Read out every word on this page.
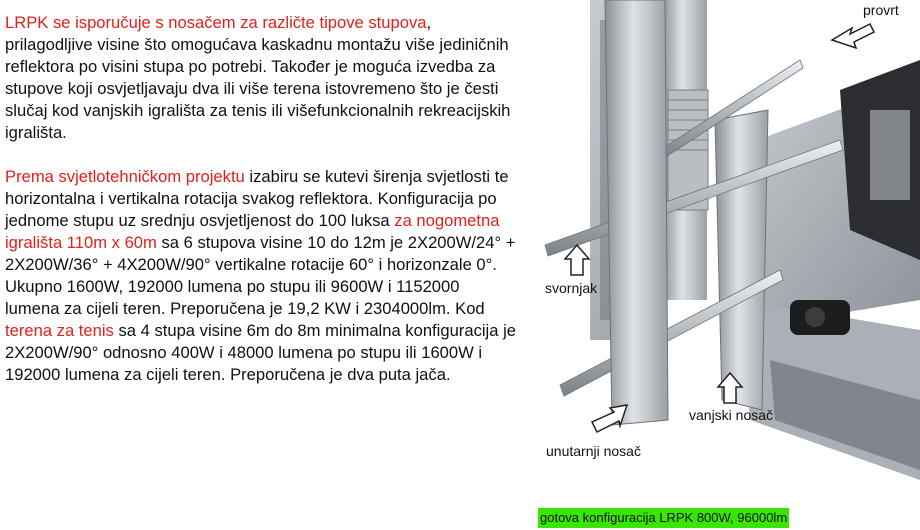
LRPK se isporučuje s nosačem za različte tipove stupova, prilagodljive visine što omogućava kaskadnu montažu više jediničnih reflektora po visini stupa po potrebi. Također je moguća izvedba za stupove koji osvjetljavaju dva ili više terena istovremeno što je česti slučaj kod vanjskih igrališta za tenis ili višefunkcionalnih rekreacijskih igrališta.

Prema svjetlotehničkom projektu izabiru se kutevi širenja svjetlosti te horizontalna i vertikalna rotacija svakog reflektora. Konfiguracija po jednome stupu uz srednju osvjetljenost do 100 luksa za nogometna igrališta 110m x 60m sa 6 stupova visine 10 do 12m je 2X200W/24° + 2X200W/36° + 4X200W/90° vertikalne rotacije 60° i horizonzale 0°. Ukupno 1600W, 192000 lumena po stupu ili 9600W i 1152000 lumena za cijeli teren. Preporučena je 19,2 KW i 2304000lm. Kod terena za tenis sa 4 stupa visine 6m do 8m minimalna konfiguracija je 2X200W/90° odnosno 400W i 48000 lumena po stupu ili 1600W i 192000 lumena za cijeli teren. Preporučena je dva puta jača.

provrt
svornjak
vanjski nosač
unutarnji nosač
gotova konfiguracija LRPK 800W, 96000lm
